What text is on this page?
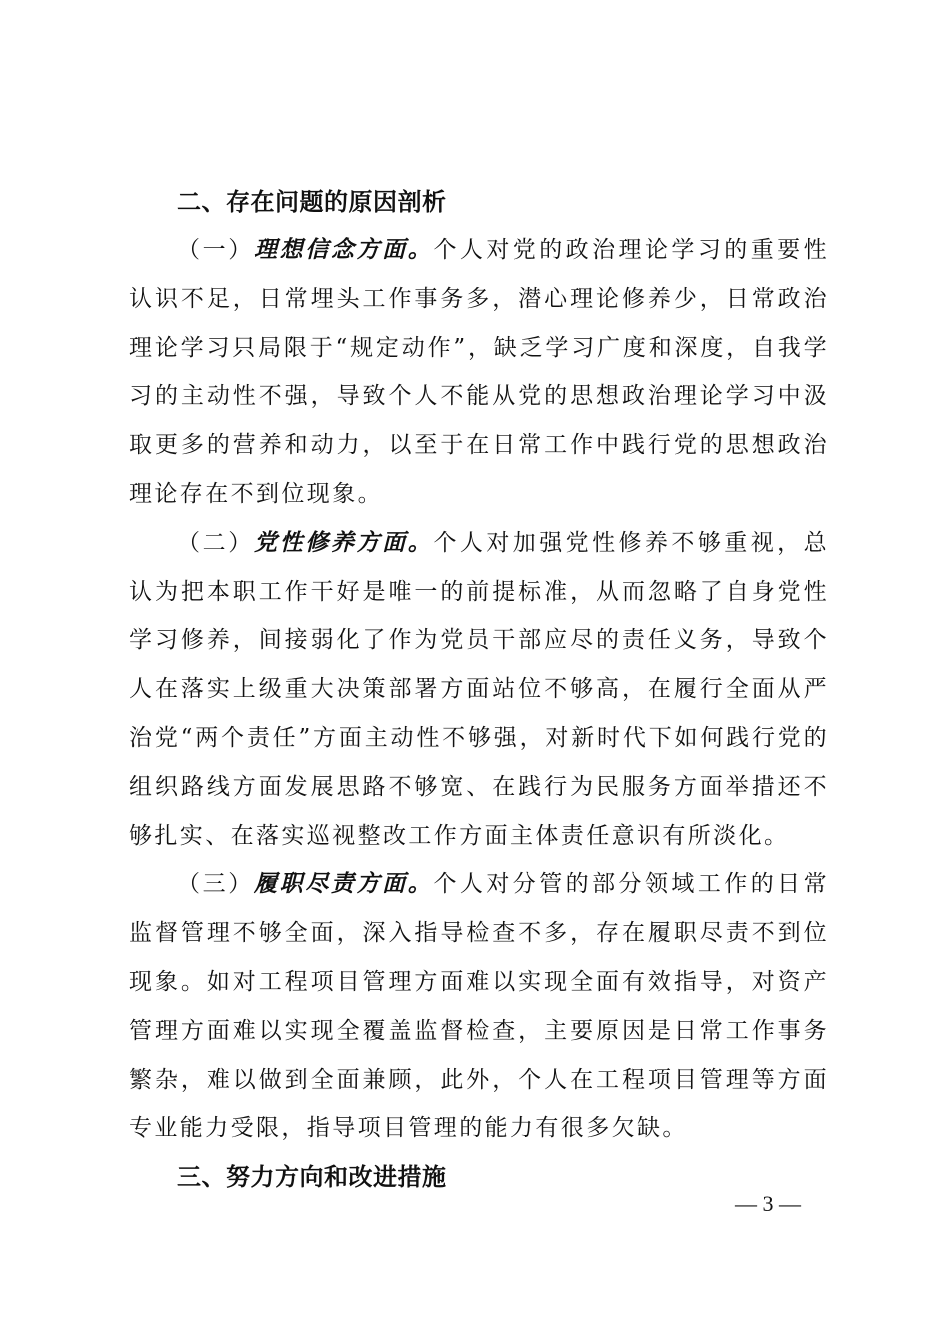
二、存在问题的原因剖析

（一）理想信念方面。个人对党的政治理论学习的重要性认识不足，日常埋头工作事务多，潜心理论修养少，日常政治理论学习只局限于“规定动作”，缺乏学习广度和深度，自我学习的主动性不强，导致个人不能从党的思想政治理论学习中汲取更多的营养和动力，以至于在日常工作中践行党的思想政治理论存在不到位现象。

（二）党性修养方面。个人对加强党性修养不够重视，总认为把本职工作干好是唯一的前提标准，从而忽略了自身党性学习修养，间接弱化了作为党员干部应尽的责任义务，导致个人在落实上级重大决策部署方面站位不够高，在履行全面从严治党“两个责任”方面主动性不够强，对新时代下如何践行党的组织路线方面发展思路不够宽、在践行为民服务方面举措还不够扎实、在落实巡视整改工作方面主体责任意识有所淡化。

（三）履职尽责方面。个人对分管的部分领域工作的日常监督管理不够全面，深入指导检查不多，存在履职尽责不到位现象。如对工程项目管理方面难以实现全面有效指导，对资产管理方面难以实现全覆盖监督检查，主要原因是日常工作事务繁杂，难以做到全面兼顾，此外，个人在工程项目管理等方面专业能力受限，指导项目管理的能力有很多欠缺。

三、努力方向和改进措施
— 3 —
